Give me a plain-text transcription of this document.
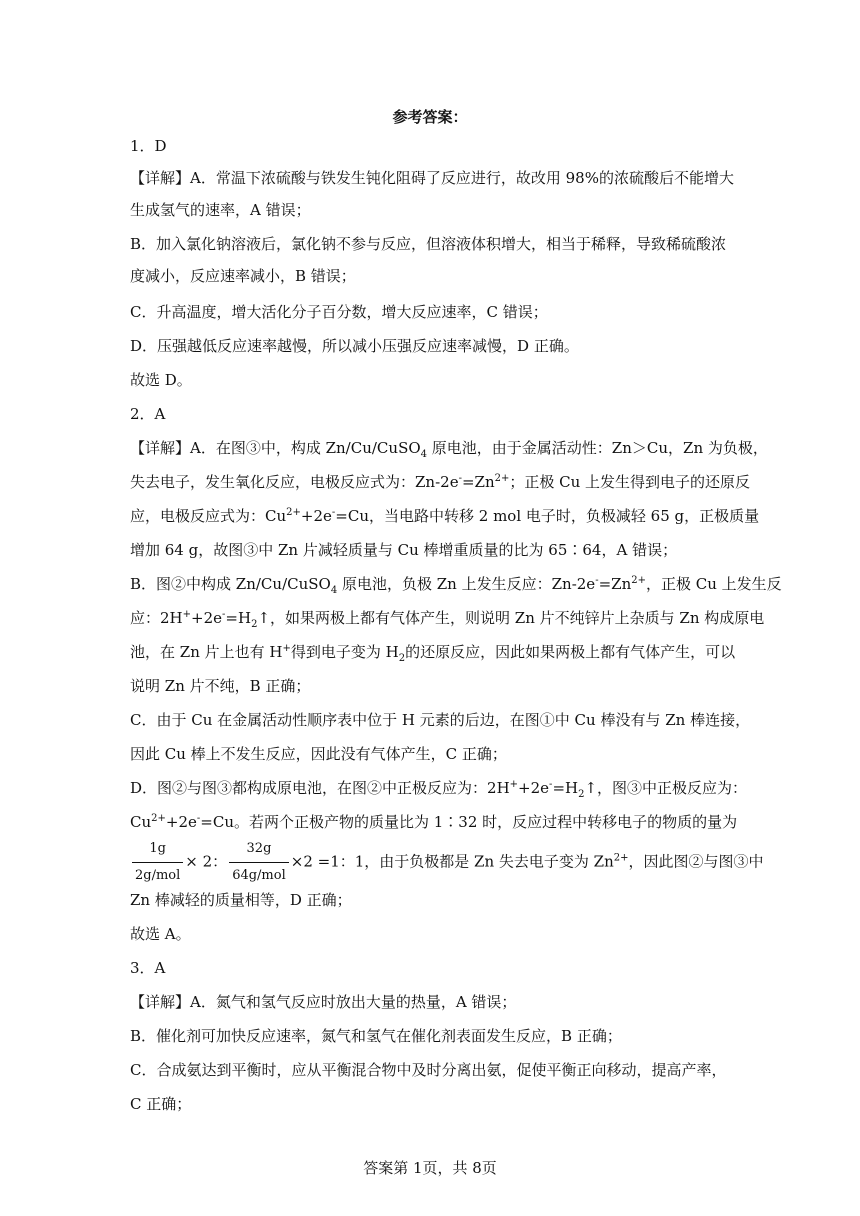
参考答案：
1．D
【详解】A．常温下浓硫酸与铁发生钝化阻碍了反应进行，故改用 98%的浓硫酸后不能增大
生成氢气的速率，A 错误；
B．加入氯化钠溶液后，氯化钠不参与反应，但溶液体积增大，相当于稀释，导致稀硫酸浓
度减小，反应速率减小，B 错误；
C．升高温度，增大活化分子百分数，增大反应速率，C 错误；
D．压强越低反应速率越慢，所以减小压强反应速率减慢，D 正确。
故选 D。
2．A
【详解】A．在图③中，构成 Zn/Cu/CuSO$_4$ 原电池，由于金属活动性：Zn＞Cu，Zn 为负极，
失去电子，发生氧化反应，电极反应式为：$Zn-2e^-=Zn^{2+}$；正极 Cu 上发生得到电子的还原反
应，电极反应式为：$Cu^{2+}+2e^-=Cu$，当电路中转移 2 mol 电子时，负极减轻 65 g，正极质量
增加 64 g，故图③中 Zn 片减轻质量与 Cu 棒增重质量的比为 65∶64，A 错误；
B．图②中构成 Zn/Cu/CuSO$_4$ 原电池，负极 Zn 上发生反应：$Zn-2e^-=Zn^{2+}$，正极 Cu 上发生反
应：$2H^++2e^-=H_2↑$，如果两极上都有气体产生，则说明 Zn 片不纯锌片上杂质与 Zn 构成原电
池，在 Zn 片上也有 H+得到电子变为 $H_2$的还原反应，因此如果两极上都有气体产生，可以
说明 Zn 片不纯，B 正确；
C．由于 Cu 在金属活动性顺序表中位于 H 元素的后边，在图①中 Cu 棒没有与 Zn 棒连接，
因此 Cu 棒上不发生反应，因此没有气体产生，C 正确；
D．图②与图③都构成原电池，在图②中正极反应为：$2H^++2e^-=H_2↑$，图③中正极反应为：
$Cu^{2+}+2e^-=Cu$。若两个正极产物的质量比为 1∶32 时，反应过程中转移电子的物质的量为
$\frac{1g}{\text{2g/mol}} \times 2$： $\frac{32g}{\text{64g/mol}} \times 2 =1$：1，由于负极都是 Zn 失去电子变为 $Zn^{2+}$，因此图②与图③中
Zn 棒减轻的质量相等，D 正确；
故选 A。
3．A
【详解】A．氮气和氢气反应时放出大量的热量，A 错误；
B．催化剂可加快反应速率，氮气和氢气在催化剂表面发生反应，B 正确；
C．合成氨达到平衡时，应从平衡混合物中及时分离出氨，促使平衡正向移动，提高产率，
C 正确；
答案第 1页，共 8页
